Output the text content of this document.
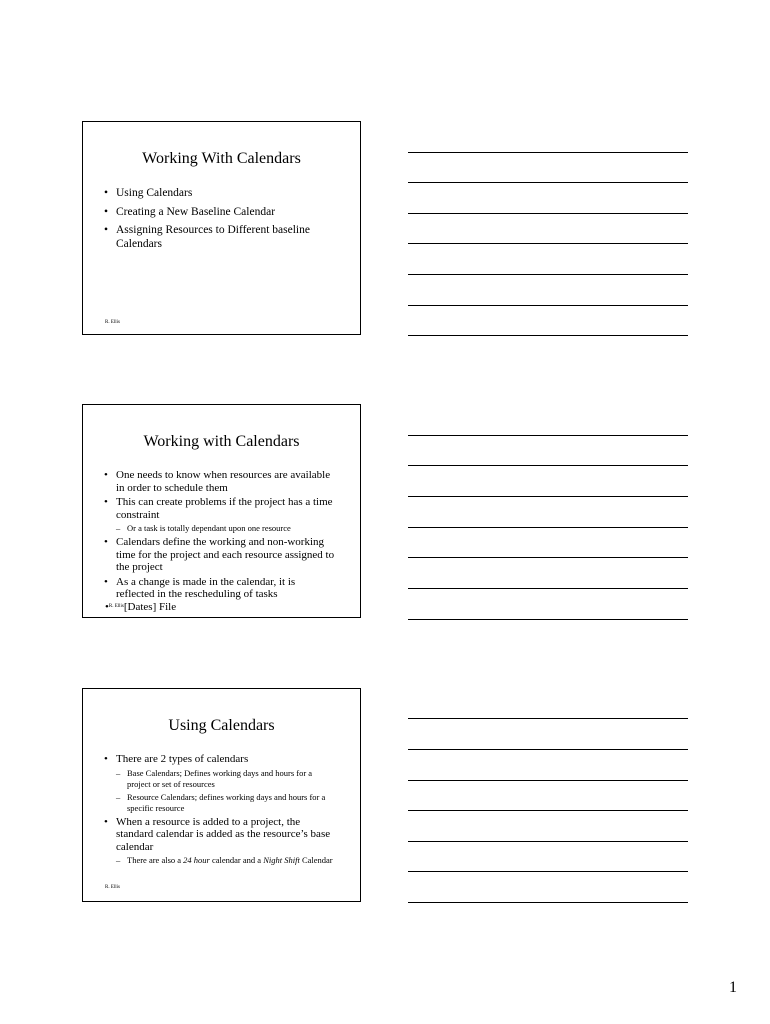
Working With Calendars
• Using Calendars
• Creating a New Baseline Calendar
• Assigning Resources to Different baseline Calendars
R. Ellis
Working with Calendars
• One needs to know when resources are available in order to schedule them
• This can create problems if the project has a time constraint
– Or a task is totally dependant upon one resource
• Calendars define the working and non-working time for the project and each resource assigned to the project
• As a change is made in the calendar, it is reflected in the rescheduling of tasks
•$^{R. Ellis}$[Dates] File
Using Calendars
• There are 2 types of calendars
– Base Calendars; Defines working days and hours for a project or set of resources
– Resource Calendars; defines working days and hours for a specific resource
• When a resource is added to a project, the standard calendar is added as the resource’s base calendar
– There are also a 24 hour calendar and a Night Shift Calendar
R. Ellis
1
